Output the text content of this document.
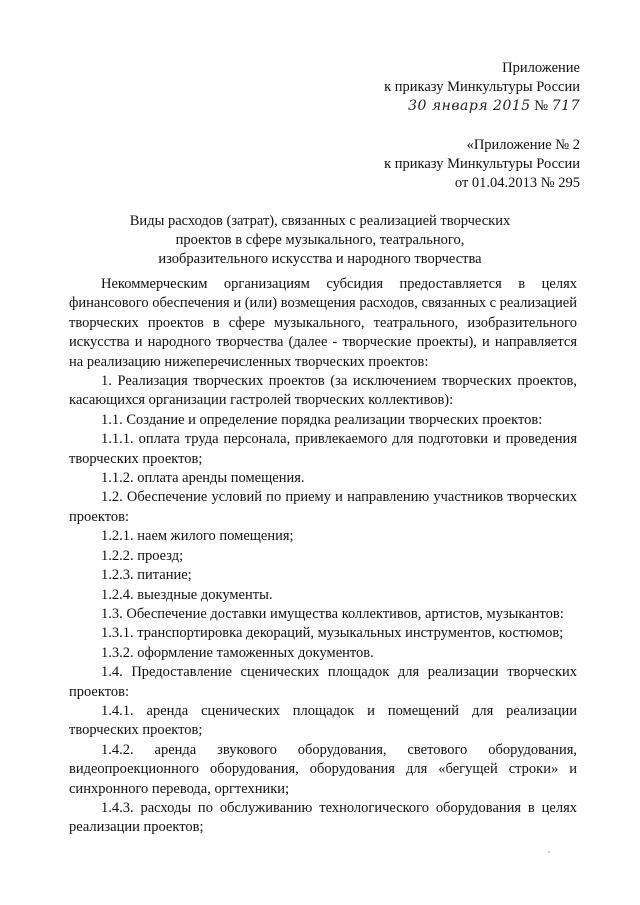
Приложение
к приказу Минкультуры России
30 января 2015 № 717
«Приложение № 2
к приказу Минкультуры России
от 01.04.2013 № 295
Виды расходов (затрат), связанных с реализацией творческих
проектов в сфере музыкального, театрального,
изобразительного искусства и народного творчества

Некоммерческим организациям субсидия предоставляется в целях финансового обеспечения и (или) возмещения расходов, связанных с реализацией творческих проектов в сфере музыкального, театрального, изобразительного искусства и народного творчества (далее - творческие проекты), и направляется на реализацию нижеперечисленных творческих проектов:

1. Реализация творческих проектов (за исключением творческих проектов, касающихся организации гастролей творческих коллективов):

1.1. Создание и определение порядка реализации творческих проектов:

1.1.1. оплата труда персонала, привлекаемого для подготовки и проведения творческих проектов;

1.1.2. оплата аренды помещения.

1.2. Обеспечение условий по приему и направлению участников творческих проектов:

1.2.1. наем жилого помещения;

1.2.2. проезд;

1.2.3. питание;

1.2.4. выездные документы.

1.3. Обеспечение доставки имущества коллективов, артистов, музыкантов:

1.3.1. транспортировка декораций, музыкальных инструментов, костюмов;

1.3.2. оформление таможенных документов.

1.4. Предоставление сценических площадок для реализации творческих проектов:

1.4.1. аренда сценических площадок и помещений для реализации творческих проектов;

1.4.2. аренда звукового оборудования, светового оборудования, видеопроекционного оборудования, оборудования для «бегущей строки» и синхронного перевода, оргтехники;

1.4.3. расходы по обслуживанию технологического оборудования в целях реализации проектов;
